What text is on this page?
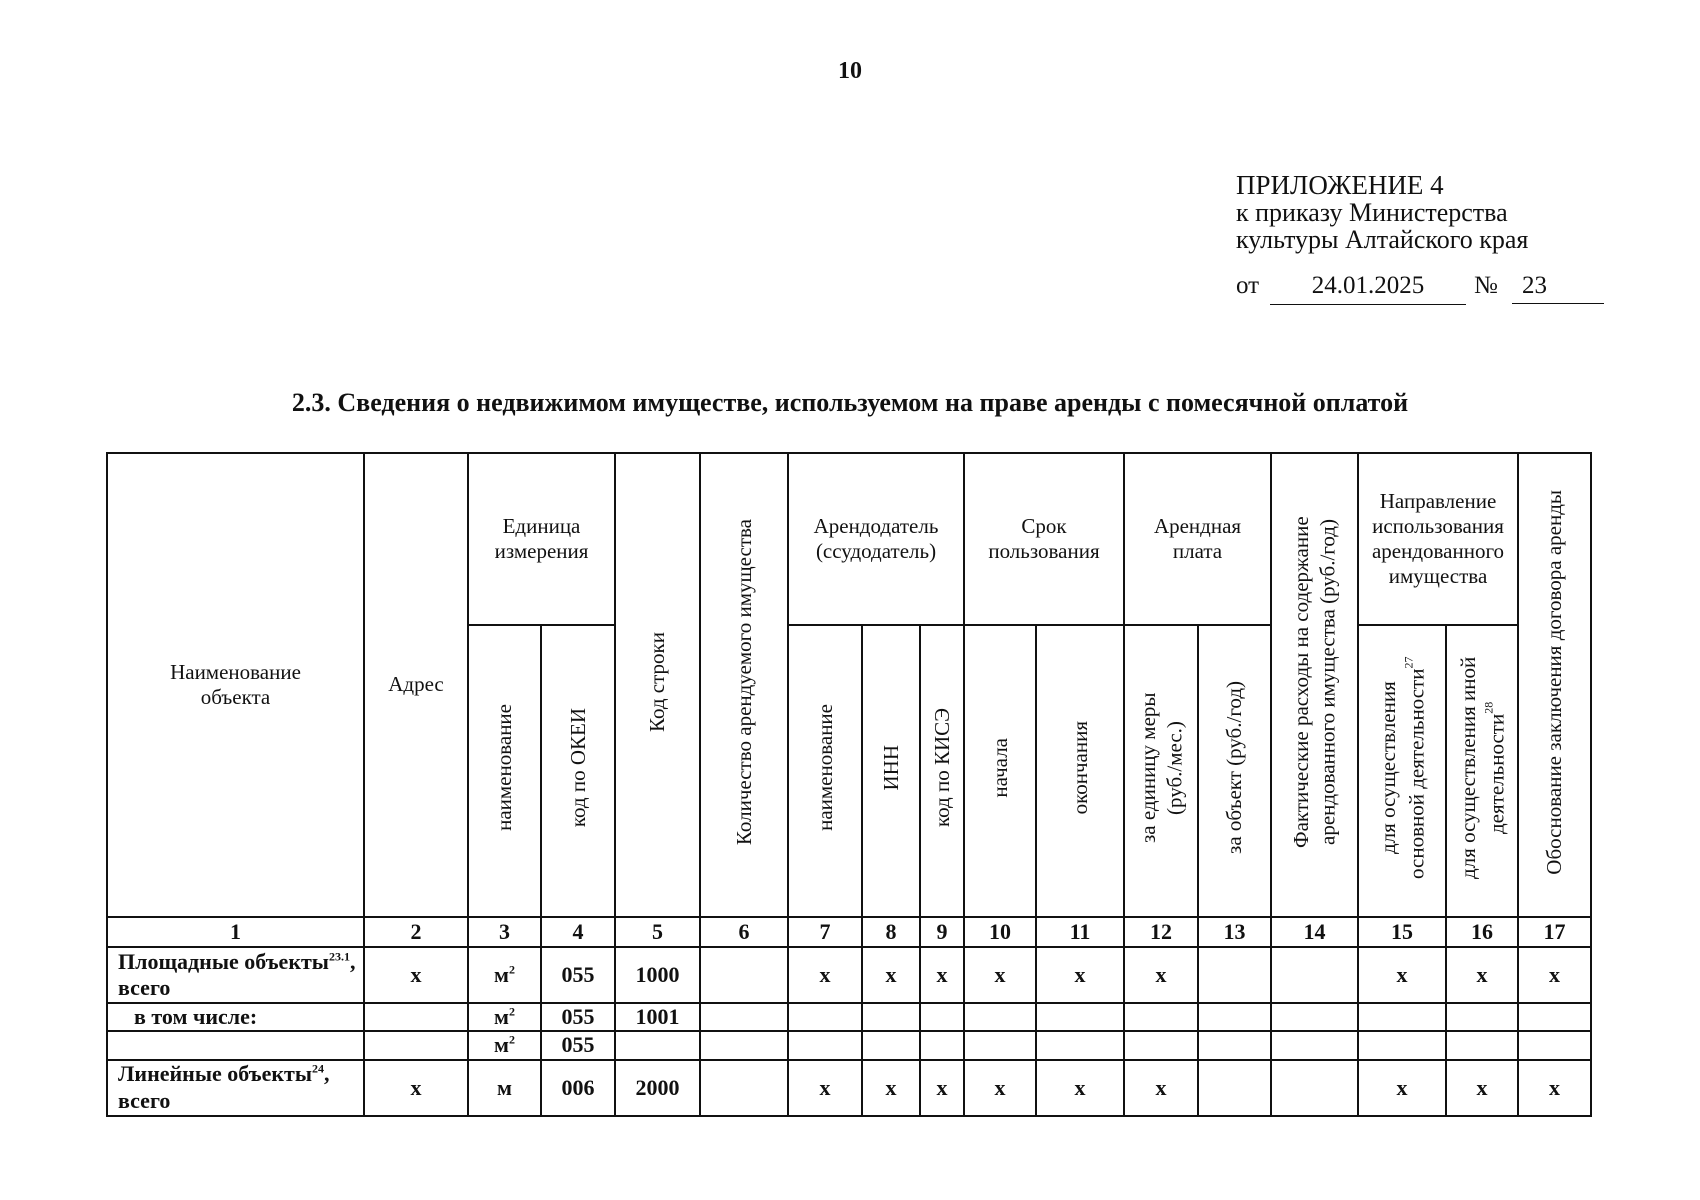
10
ПРИЛОЖЕНИЕ 4
к приказу Министерства
культуры Алтайского края
от	24.01.2025	№ 23
2.3. Сведения о недвижимом имуществе, используемом на праве аренды с помесячной оплатой
Наименование объекта	Адрес	Единица измерения		Код строки	Количество арендуемого имущества	Арендодатель (ссудодатель)			Срок пользования		Арендная плата		Фактические расходы на содержание арендованного имущества (руб./год)	Направление использования арендованного имущества		Обоснование заключения договора аренды
		наименование	код по ОКЕИ			наименование	ИНН	код по КИСЭ	начала	окончания	за единицу меры (руб./мес.)	за объект (руб./год)		для осуществления основной деятельности$^{27}$	для осуществления иной деятельности$^{28}$
1	2	3	4	5	6	7	8	9	10	11	12	13	14	15	16	17
Площадные объекты$^{23.1}$, всего	х	$м^2$	055	1000		х	х	х	х	х	х			х	х	х
в том числе:		$м^2$	055	1001												
		$м^2$	055													
Линейные объекты$^{24}$, всего	х	м	006	2000		х	х	х	х	х	х			х	х	х
